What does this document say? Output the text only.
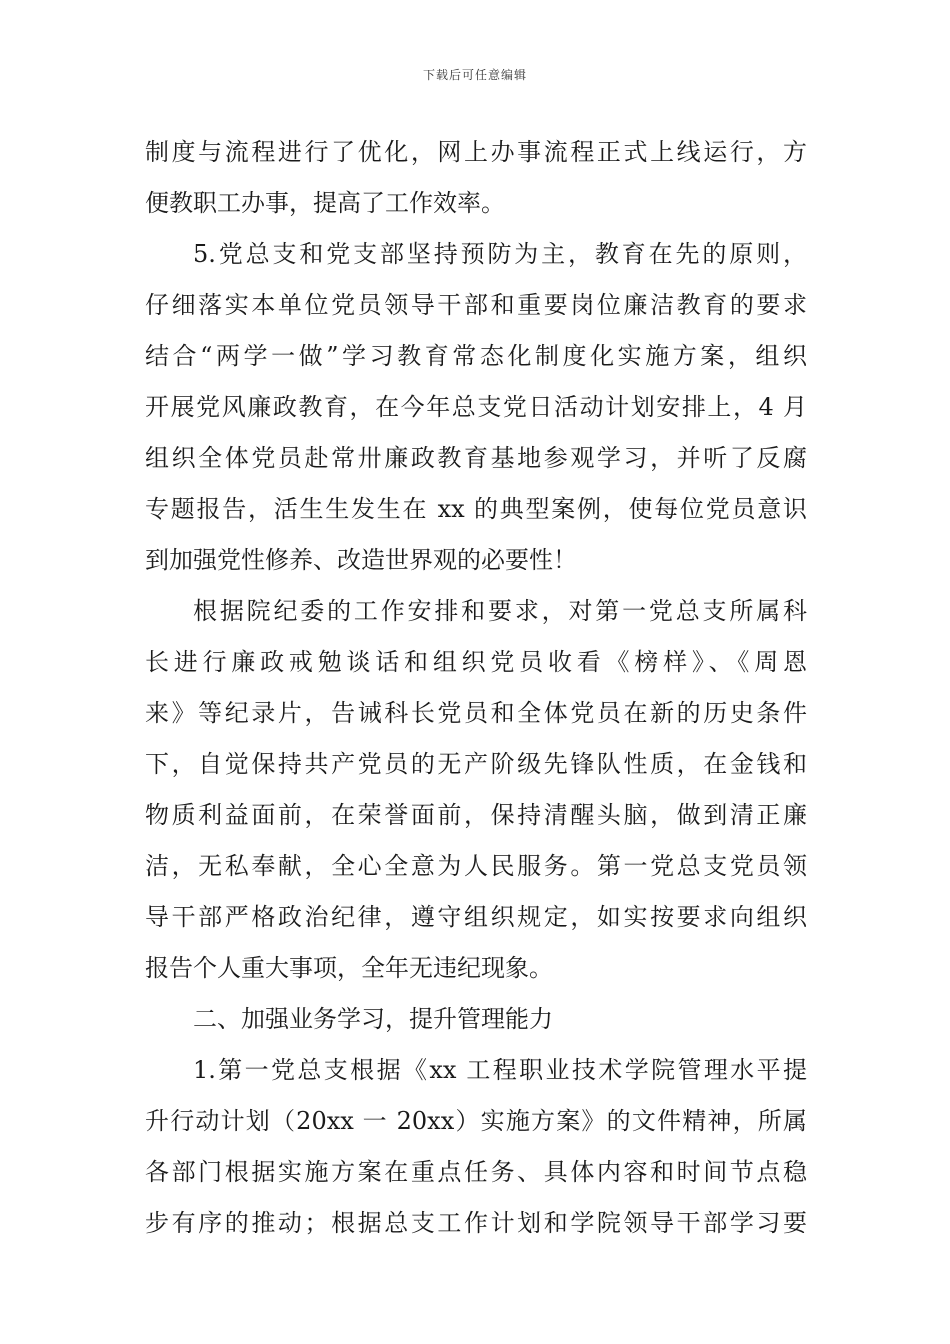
下载后可任意编辑
制度与流程进行了优化，网上办事流程正式上线运行，方
便教职工办事，提高了工作效率。
5.党总支和党支部坚持预防为主，教育在先的原则，
仔细落实本单位党员领导干部和重要岗位廉洁教育的要求
结合“两学一做”学习教育常态化制度化实施方案，组织
开展党风廉政教育，在今年总支党日活动计划安排上，4 月
组织全体党员赴常卅廉政教育基地参观学习，并听了反腐
专题报告，活生生发生在 xx 的典型案例，使每位党员意识
到加强党性修养、改造世界观的必要性！
根据院纪委的工作安排和要求，对第一党总支所属科
长进行廉政戒勉谈话和组织党员收看《榜样》、《周恩
来》等纪录片，告诫科长党员和全体党员在新的历史条件
下，自觉保持共产党员的无产阶级先锋队性质，在金钱和
物质利益面前，在荣誉面前，保持清醒头脑，做到清正廉
洁，无私奉献，全心全意为人民服务。第一党总支党员领
导干部严格政治纪律，遵守组织规定，如实按要求向组织
报告个人重大事项，全年无违纪现象。
二、加强业务学习，提升管理能力
1.第一党总支根据《xx 工程职业技术学院管理水平提
升行动计划（20xx 一 20xx）实施方案》的文件精神，所属
各部门根据实施方案在重点任务、具体内容和时间节点稳
步有序的推动；根据总支工作计划和学院领导干部学习要
